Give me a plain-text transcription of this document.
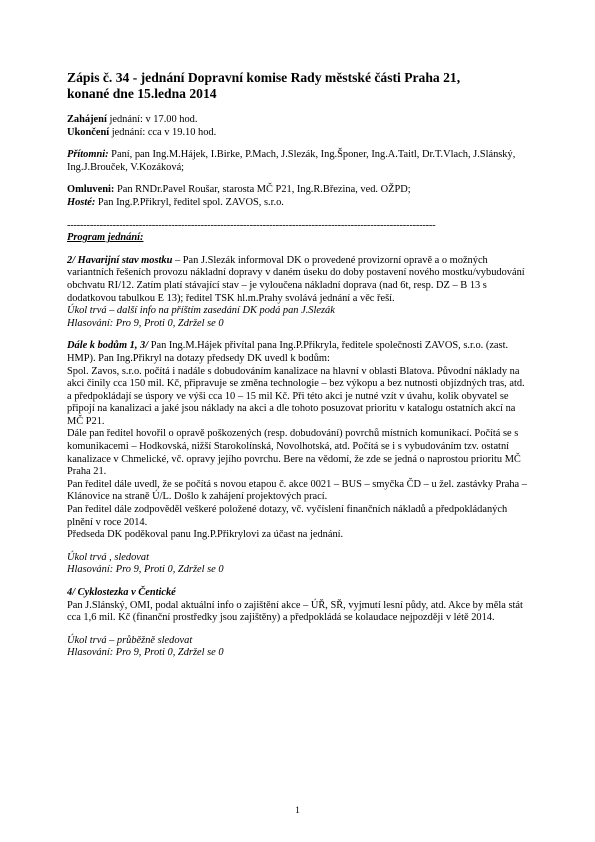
Zápis č. 34 - jednání Dopravní komise Rady městské části Praha 21,
konané dne 15.ledna 2014

Zahájení jednání: v 17.00 hod.

Ukončení jednání: cca v 19.10 hod.

Přítomni: Paní, pan Ing.M.Hájek, I.Birke, P.Mach, J.Slezák, Ing.Šponer, Ing.A.Taitl, Dr.T.Vlach, J.Slánský, Ing.J.Brouček, V.Kozáková;

Omluveni: Pan RNDr.Pavel Roušar, starosta MČ P21, Ing.R.Březina, ved. OŽPD;

Hosté: Pan Ing.P.Přikryl, ředitel spol. ZAVOS, s.r.o.

-----------------------------------------------------------------------------------------------------------------

Program jednání:

2/ Havarijní stav mostku – Pan J.Slezák informoval DK o provedené provizorní opravě a o možných variantních řešeních provozu nákladní dopravy v daném úseku do doby postavení nového mostku/vybudování obchvatu RI/12. Zatím platí stávající stav – je vyloučena nákladní doprava (nad 6t, resp. DZ – B 13 s dodatkovou tabulkou E 13); ředitel TSK hl.m.Prahy svolává jednání a věc řeší.

Úkol trvá – další info na příštím zasedání DK podá pan J.Slezák

Hlasování: Pro 9, Proti 0, Zdržel se 0

Dále k bodům 1, 3/ Pan Ing.M.Hájek přivítal pana Ing.P.Přikryla, ředitele společnosti ZAVOS, s.r.o. (zast. HMP). Pan Ing.Přikryl na dotazy předsedy DK uvedl k bodům:

Spol. Zavos, s.r.o. počítá i nadále s dobudováním kanalizace na hlavní v oblasti Blatova. Původní náklady na akci činily cca 150 mil. Kč, připravuje se změna technologie – bez výkopu a bez nutnosti objízdných tras, atd. a předpokládají se úspory ve výši cca 10 – 15 mil Kč. Při této akci je nutné vzít v úvahu, kolik obyvatel se připojí na kanalizaci a jaké jsou náklady na akci a dle tohoto posuzovat prioritu v katalogu ostatních akcí na MČ P21.

Dále pan ředitel hovořil o opravě poškozených (resp. dobudování) povrchů místních komunikací. Počítá se s komunikacemi – Hodkovská, nižší Starokolínská, Novolhotská, atd. Počítá se i s vybudováním tzv. ostatní kanalizace v Chmelické, vč. opravy jejího povrchu. Bere na vědomí, že zde se jedná o naprostou prioritu MČ Praha 21.

Pan ředitel dále uvedl, že se počítá s novou etapou č. akce 0021 – BUS – smyčka ČD – u žel. zastávky Praha – Klánovice na straně Ú/L. Došlo k zahájení projektových prací.

Pan ředitel dále zodpověděl veškeré položené dotazy, vč. vyčíslení finančních nákladů a předpokládaných plnění v roce 2014.

Předseda DK poděkoval panu Ing.P.Přikrylovi za účast na jednání.

Úkol trvá , sledovat

Hlasování: Pro 9, Proti 0, Zdržel se 0

4/ Cyklostezka v Čentické

Pan J.Slánský, OMI, podal aktuální info o zajištění akce – ÚŘ, SŘ, vyjmutí lesní půdy, atd. Akce by měla stát cca 1,6 mil. Kč (finanční prostředky jsou zajištěny) a předpokládá se kolaudace nejpozději v létě 2014.

Úkol trvá – průběžně sledovat

Hlasování: Pro 9, Proti 0, Zdržel se 0

1
